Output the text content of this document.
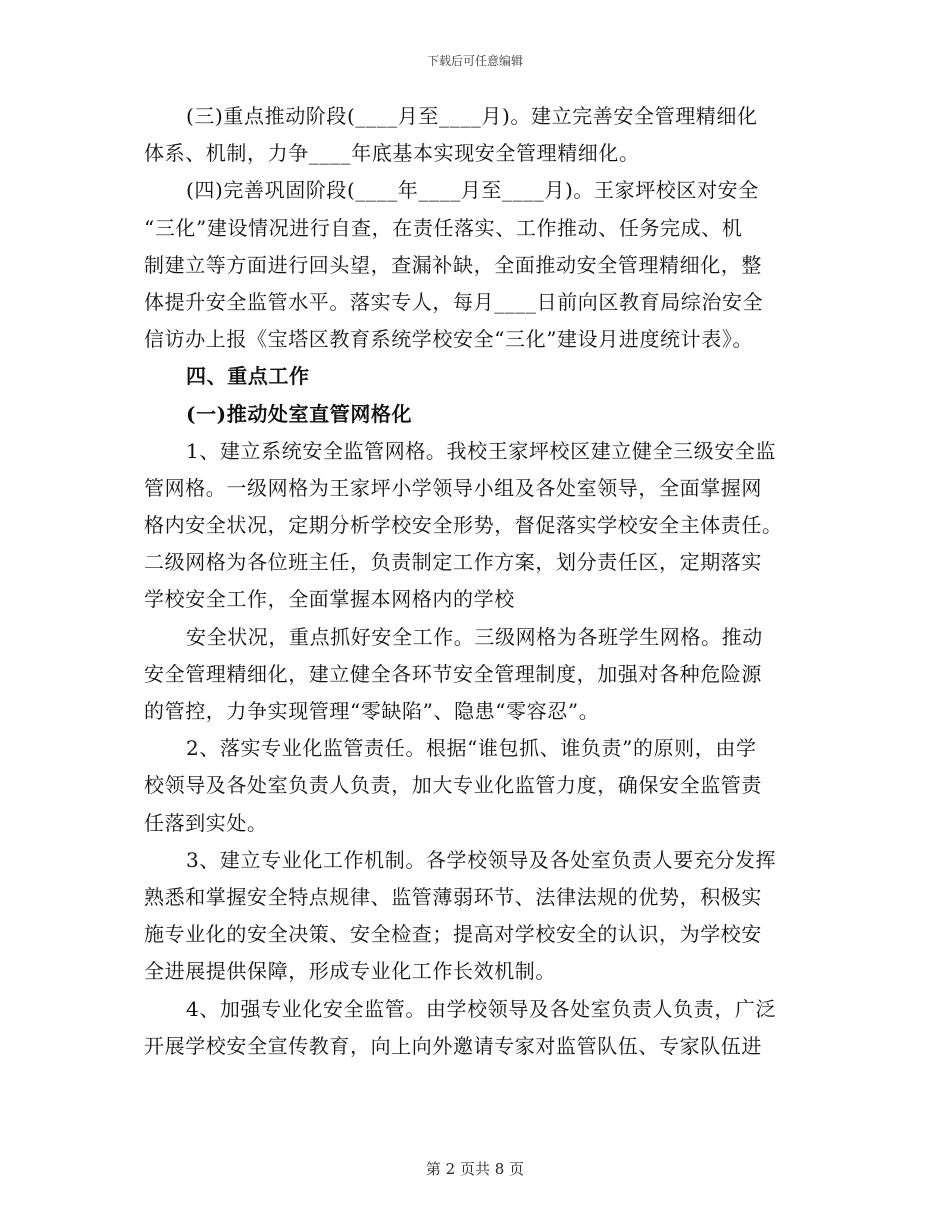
下载后可任意编辑
(三)重点推动阶段(____月至____月)。建立完善安全管理精细化
体系、机制，力争____年底基本实现安全管理精细化。
(四)完善巩固阶段(____年____月至____月)。王家坪校区对安全
“三化”建设情况进行自查，在责任落实、工作推动、任务完成、机
制建立等方面进行回头望，查漏补缺，全面推动安全管理精细化，整
体提升安全监管水平。落实专人，每月____日前向区教育局综治安全
信访办上报《宝塔区教育系统学校安全“三化”建设月进度统计表》。
四、重点工作
(一)推动处室直管网格化
1、建立系统安全监管网格。我校王家坪校区建立健全三级安全监
管网格。一级网格为王家坪小学领导小组及各处室领导，全面掌握网
格内安全状况，定期分析学校安全形势，督促落实学校安全主体责任。
二级网格为各位班主任，负责制定工作方案，划分责任区，定期落实
学校安全工作，全面掌握本网格内的学校
安全状况，重点抓好安全工作。三级网格为各班学生网格。推动
安全管理精细化，建立健全各环节安全管理制度，加强对各种危险源
的管控，力争实现管理“零缺陷”、隐患“零容忍”。
2、落实专业化监管责任。根据“谁包抓、谁负责”的原则，由学
校领导及各处室负责人负责，加大专业化监管力度，确保安全监管责
任落到实处。
3、建立专业化工作机制。各学校领导及各处室负责人要充分发挥
熟悉和掌握安全特点规律、监管薄弱环节、法律法规的优势，积极实
施专业化的安全决策、安全检查；提高对学校安全的认识，为学校安
全进展提供保障，形成专业化工作长效机制。
4、加强专业化安全监管。由学校领导及各处室负责人负责，广泛
开展学校安全宣传教育，向上向外邀请专家对监管队伍、专家队伍进
第 2 页共 8 页
